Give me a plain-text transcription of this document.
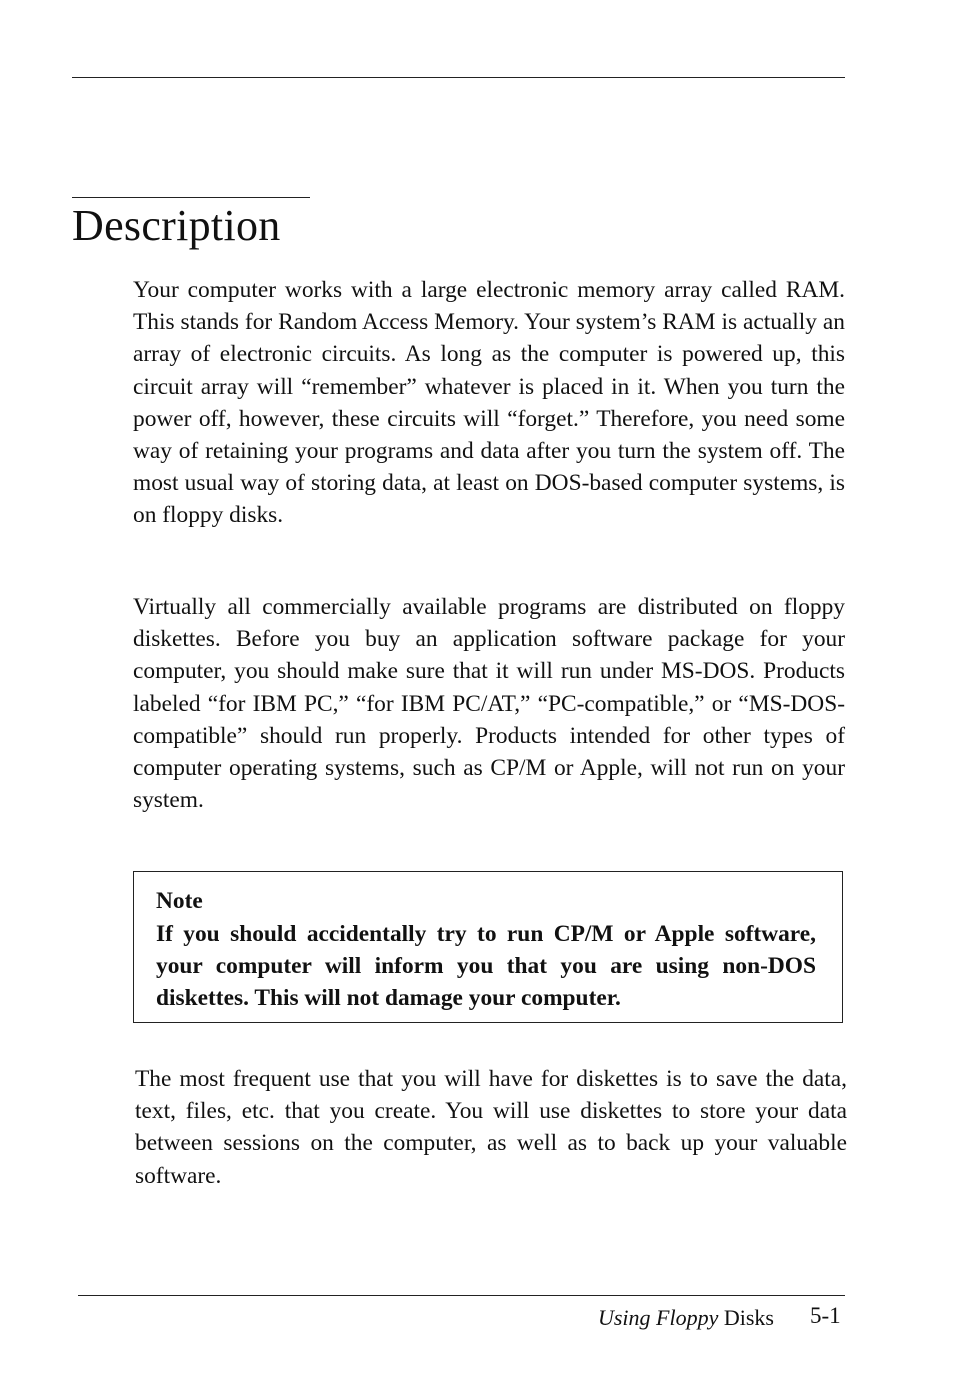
Description

Your computer works with a large electronic memory array called RAM. This stands for Random Access Memory. Your system’s RAM is actually an array of electronic circuits. As long as the computer is powered up, this circuit array will “remember” whatever is placed in it. When you turn the power off, however, these circuits will “forget.” Therefore, you need some way of retaining your programs and data after you turn the system off. The most usual way of storing data, at least on DOS-based computer systems, is on floppy disks.

Virtually all commercially available programs are distributed on floppy diskettes. Before you buy an application software package for your computer, you should make sure that it will run under MS-DOS. Products labeled “for IBM PC,” “for IBM PC/AT,” “PC-compatible,” or “MS-DOS-compatible” should run properly. Products intended for other types of computer operating systems, such as CP/M or Apple, will not run on your system.

Note

If you should accidentally try to run CP/M or Apple software, your computer will inform you that you are using non-DOS diskettes. This will not damage your computer.

The most frequent use that you will have for diskettes is to save the data, text, files, etc. that you create. You will use diskettes to store your data between sessions on the computer, as well as to back up your valuable software.

Using Floppy Disks 5-1
